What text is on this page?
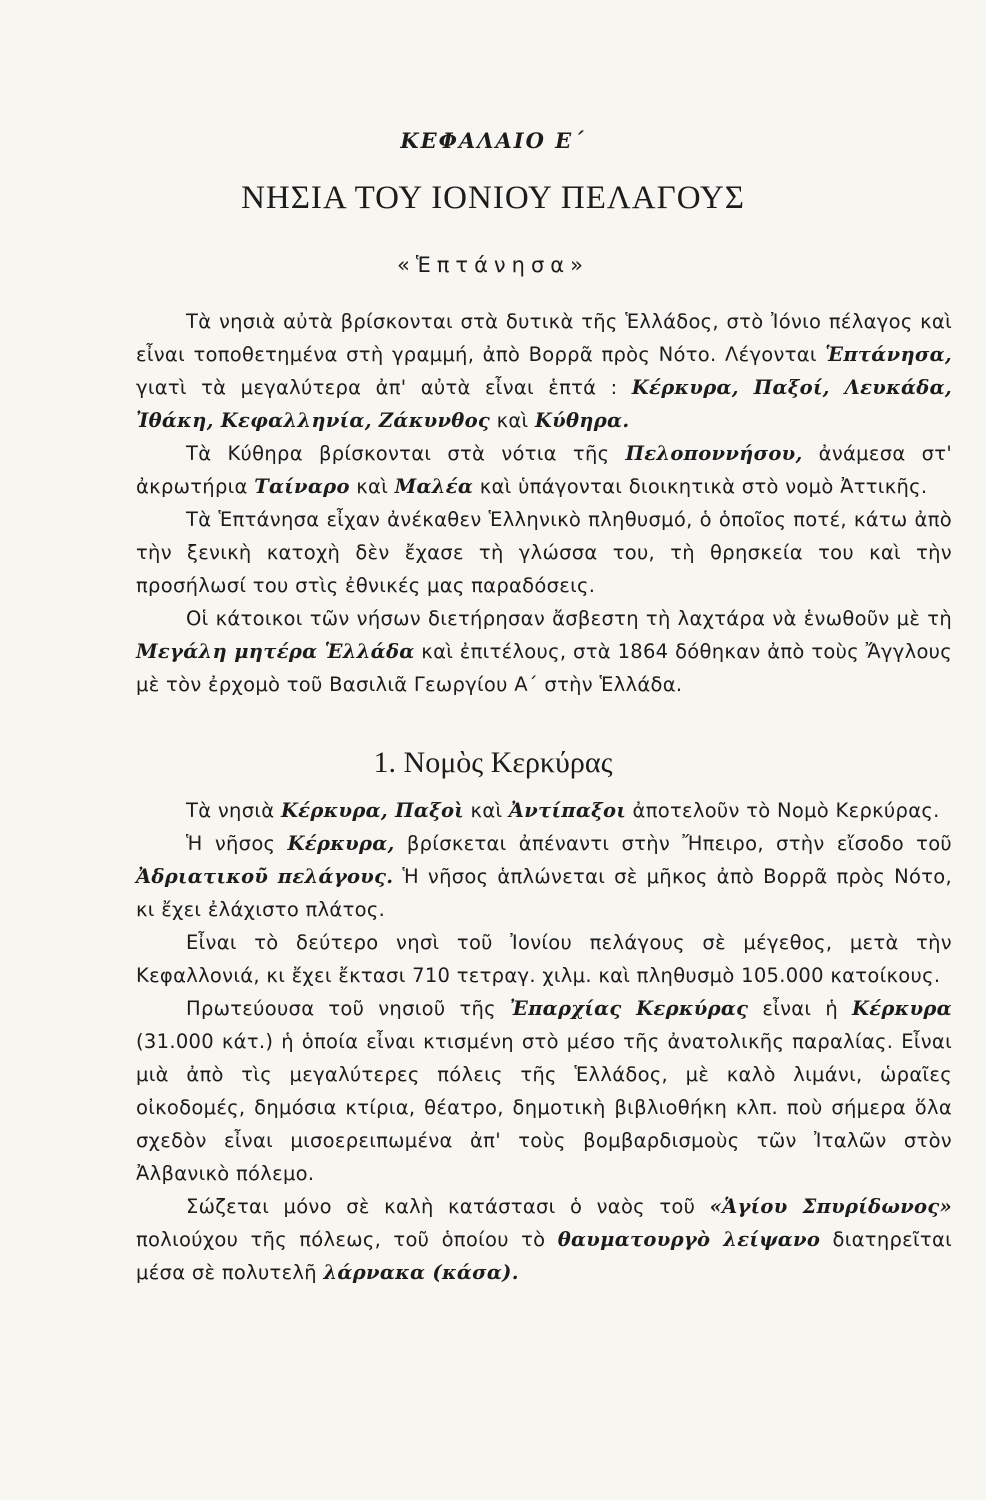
ΚΕΦΑΛΑΙΟ Ε΄
ΝΗΣΙΑ ΤΟΥ ΙΟΝΙΟΥ ΠΕΛΑΓΟΥΣ
«Ἑπτάνησα»

Τὰ νησιὰ αὐτὰ βρίσκονται στὰ δυτικὰ τῆς Ἑλλάδος, στὸ Ἰόνιο πέλαγος καὶ εἶναι τοποθετημένα στὴ γραμμή, ἀπὸ Βορρᾶ πρὸς Νότο. Λέγονται Ἑπτάνησα, γιατὶ τὰ μεγαλύτερα ἀπ' αὐτὰ εἶναι ἑπτά : Κέρκυρα, Παξοί, Λευκάδα, Ἰθάκη, Κεφαλληνία, Ζάκυνθος καὶ Κύθηρα.

Τὰ Κύθηρα βρίσκονται στὰ νότια τῆς Πελοποννήσου, ἀνάμεσα στ' ἀκρωτήρια Ταίναρο καὶ Μαλέα καὶ ὑπάγονται διοικητικὰ στὸ νομὸ Ἀττικῆς.

Τὰ Ἑπτάνησα εἶχαν ἀνέκαθεν Ἑλληνικὸ πληθυσμό, ὁ ὁποῖος ποτέ, κάτω ἀπὸ τὴν ξενικὴ κατοχὴ δὲν ἔχασε τὴ γλώσσα του, τὴ θρησκεία του καὶ τὴν προσήλωσί του στὶς ἐθνικές μας παραδόσεις.

Οἱ κάτοικοι τῶν νήσων διετήρησαν ἄσβεστη τὴ λαχτάρα νὰ ἑνωθοῦν μὲ τὴ Μεγάλη μητέρα Ἑλλάδα καὶ ἐπιτέλους, στὰ 1864 δόθηκαν ἀπὸ τοὺς Ἄγγλους μὲ τὸν ἐρχομὸ τοῦ Βασιλιᾶ Γεωργίου Α΄ στὴν Ἑλλάδα.

1. Νομὸς Κερκύρας

Τὰ νησιὰ Κέρκυρα, Παξοὶ καὶ Ἀντίπαξοι ἀποτελοῦν τὸ Νομὸ Κερκύρας.

Ἡ νῆσος Κέρκυρα, βρίσκεται ἀπέναντι στὴν Ἤπειρο, στὴν εἴσοδο τοῦ Ἀδριατικοῦ πελάγους. Ἡ νῆσος ἁπλώνεται σὲ μῆκος ἀπὸ Βορρᾶ πρὸς Νότο, κι ἔχει ἐλάχιστο πλάτος.

Εἶναι τὸ δεύτερο νησὶ τοῦ Ἰονίου πελάγους σὲ μέγεθος, μετὰ τὴν Κεφαλλονιά, κι ἔχει ἔκτασι 710 τετραγ. χιλμ. καὶ πληθυσμὸ 105.000 κατοίκους.

Πρωτεύουσα τοῦ νησιοῦ τῆς Ἐπαρχίας Κερκύρας εἶναι ἡ Κέρκυρα (31.000 κάτ.) ἡ ὁποία εἶναι κτισμένη στὸ μέσο τῆς ἀνατολικῆς παραλίας. Εἶναι μιὰ ἀπὸ τὶς μεγαλύτερες πόλεις τῆς Ἑλλάδος, μὲ καλὸ λιμάνι, ὡραῖες οἰκοδομές, δημόσια κτίρια, θέατρο, δημοτικὴ βιβλιοθήκη κλπ. ποὺ σήμερα ὅλα σχεδὸν εἶναι μισοερειπωμένα ἀπ' τοὺς βομβαρδισμοὺς τῶν Ἰταλῶν στὸν Ἀλβανικὸ πόλεμο.

Σώζεται μόνο σὲ καλὴ κατάστασι ὁ ναὸς τοῦ «Ἁγίου Σπυρίδωνος» πολιούχου τῆς πόλεως, τοῦ ὁποίου τὸ θαυματουργὸ λείψανο διατηρεῖται μέσα σὲ πολυτελῆ λάρνακα (κάσα).
